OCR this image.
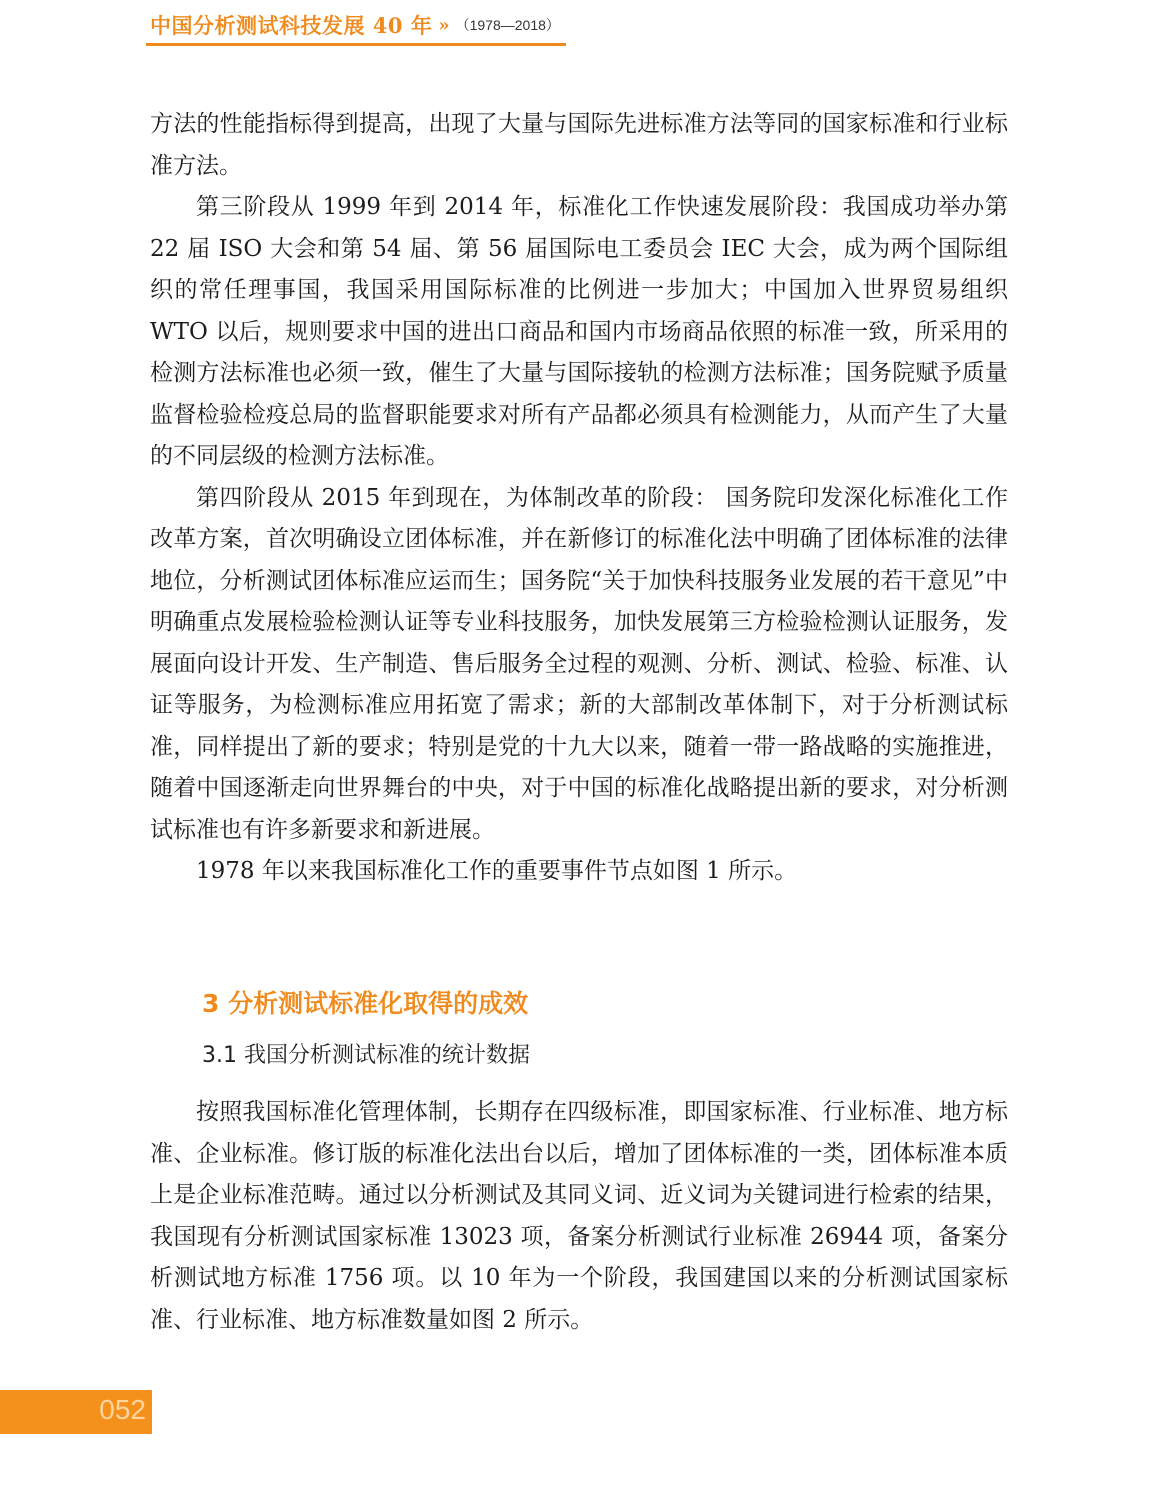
中国分析测试科技发展 40 年 » （1978—2018）

方法的性能指标得到提高，出现了大量与国际先进标准方法等同的国家标准和行业标准方法。

第三阶段从 1999 年到 2014 年，标准化工作快速发展阶段：我国成功举办第 22 届 ISO 大会和第 54 届、第 56 届国际电工委员会 IEC 大会，成为两个国际组织的常任理事国，我国采用国际标准的比例进一步加大；中国加入世界贸易组织 WTO 以后，规则要求中国的进出口商品和国内市场商品依照的标准一致，所采用的检测方法标准也必须一致，催生了大量与国际接轨的检测方法标准；国务院赋予质量监督检验检疫总局的监督职能要求对所有产品都必须具有检测能力，从而产生了大量的不同层级的检测方法标准。

第四阶段从 2015 年到现在，为体制改革的阶段： 国务院印发深化标准化工作改革方案，首次明确设立团体标准，并在新修订的标准化法中明确了团体标准的法律地位，分析测试团体标准应运而生；国务院“关于加快科技服务业发展的若干意见”中明确重点发展检验检测认证等专业科技服务，加快发展第三方检验检测认证服务，发展面向设计开发、生产制造、售后服务全过程的观测、分析、测试、检验、标准、认证等服务，为检测标准应用拓宽了需求；新的大部制改革体制下，对于分析测试标准，同样提出了新的要求；特别是党的十九大以来，随着一带一路战略的实施推进，随着中国逐渐走向世界舞台的中央，对于中国的标准化战略提出新的要求，对分析测试标准也有许多新要求和新进展。

1978 年以来我国标准化工作的重要事件节点如图 1 所示。

3 分析测试标准化取得的成效
3.1 我国分析测试标准的统计数据

按照我国标准化管理体制，长期存在四级标准，即国家标准、行业标准、地方标准、企业标准。修订版的标准化法出台以后，增加了团体标准的一类，团体标准本质上是企业标准范畴。通过以分析测试及其同义词、近义词为关键词进行检索的结果，我国现有分析测试国家标准 13023 项，备案分析测试行业标准 26944 项，备案分析测试地方标准 1756 项。以 10 年为一个阶段，我国建国以来的分析测试国家标准、行业标准、地方标准数量如图 2 所示。

052
